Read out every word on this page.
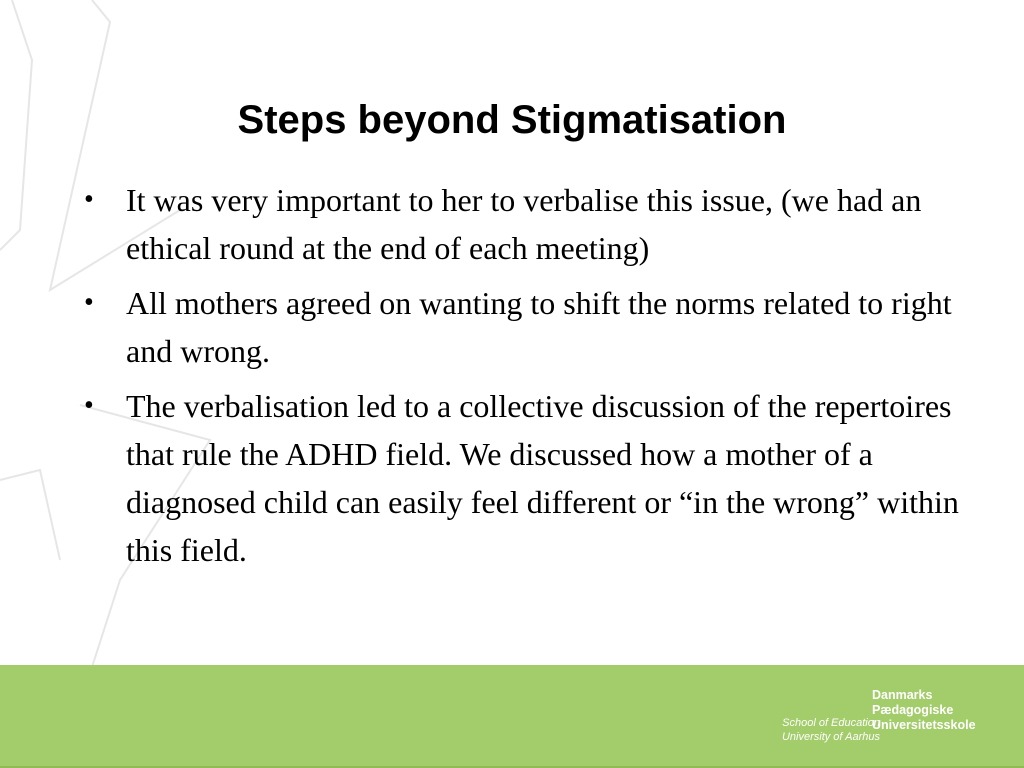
Steps beyond Stigmatisation
• It was very important to her to verbalise this issue, (we had an ethical round at the end of each meeting)
• All mothers agreed on wanting to shift the norms related to right and wrong.
• The verbalisation led to a collective discussion of the repertoires that rule the ADHD field. We discussed how a mother of a diagnosed child can easily feel different or “in the wrong” within this field.
School of Education
University of Aarhus
Danmarks
Pædagogiske
Universitetsskole
